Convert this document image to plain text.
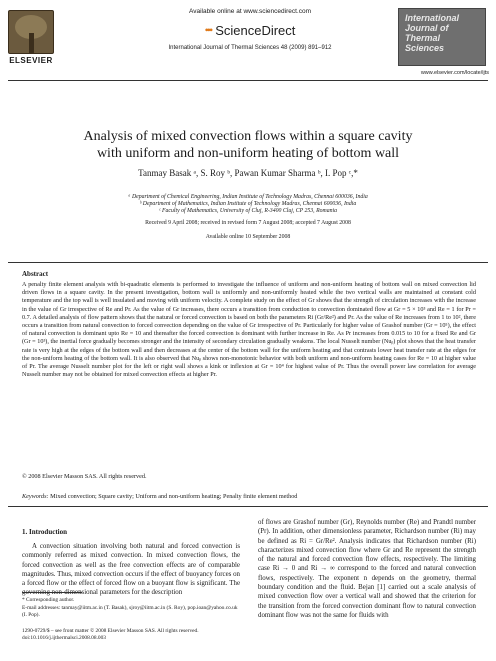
ELSEVIER
Available online at www.sciencedirect.com
••• ScienceDirect
International Journal of Thermal Sciences 48 (2009) 891–912
International
Journal of
Thermal
Sciences
www.elsevier.com/locate/ijts
Analysis of mixed convection flows within a square cavity
with uniform and non-uniform heating of bottom wall
Tanmay Basak ᵃ, S. Roy ᵇ, Pawan Kumar Sharma ᵇ, I. Pop ᶜ,*
ᵃ Department of Chemical Engineering, Indian Institute of Technology Madras, Chennai 600036, India
ᵇ Department of Mathematics, Indian Institute of Technology Madras, Chennai 600036, India
ᶜ Faculty of Mathematics, University of Cluj, R-3400 Cluj, CP 253, Romania
Received 9 April 2008; received in revised form 7 August 2008; accepted 7 August 2008
Available online 10 September 2008
Abstract
A penalty finite element analysis with bi-quadratic elements is performed to investigate the influence of uniform and non-uniform heating of bottom wall on mixed convection lid driven flows in a square cavity. In the present investigation, bottom wall is uniformly and non-uniformly heated while the two vertical walls are maintained at constant cold temperature and the top wall is well insulated and moving with uniform velocity. A complete study on the effect of Gr shows that the strength of circulation increases with the increase in the value of Gr irrespective of Re and Pr. As the value of Gr increases, there occurs a transition from conduction to convection dominated flow at Gr = 5 × 10³ and Re = 1 for Pr = 0.7. A detailed analysis of flow pattern shows that the natural or forced convection is based on both the parameters Ri (Gr/Re²) and Pr. As the value of Re increases from 1 to 10², there occurs a transition from natural convection to forced convection depending on the value of Gr irrespective of Pr. Particularly for higher value of Grashof number (Gr = 10⁵), the effect of natural convection is dominant upto Re = 10 and thereafter the forced convection is dominant with further increase in Re. As Pr increases from 0.015 to 10 for a fixed Re and Gr (Gr = 10³), the inertial force gradually becomes stronger and the intensity of secondary circulation gradually weakens. The local Nusselt number (Nuᵦ) plot shows that the heat transfer rate is very high at the edges of the bottom wall and then decreases at the center of the bottom wall for the uniform heating and that contrasts lower heat transfer rate at the edges for the non-uniform heating of the bottom wall. It is also observed that Nuᵦ shows non-monotonic behavior with both uniform and non-uniform heating cases for Re = 10 at higher value of Pr. The average Nusselt number plot for the left or right wall shows a kink or inflexion at Gr = 10⁴ for highest value of Pr. Thus the overall power law correlation for average Nusselt number may not be obtained for mixed convection effects at higher Pr.
© 2008 Elsevier Masson SAS. All rights reserved.
Keywords: Mixed convection; Square cavity; Uniform and non-uniform heating; Penalty finite element method
1. Introduction
A convection situation involving both natural and forced convection is commonly referred as mixed convection. In mixed convection flows, the forced convection as well as the free convection effects are of comparable magnitudes. Thus, mixed convection occurs if the effect of buoyancy forces on a forced flow or the effect of forced flow on a buoyant flow is significant. The governing non-dimensional parameters for the description
of flows are Grashof number (Gr), Reynolds number (Re) and Prandtl number (Pr). In addition, other dimensionless parameter, Richardson number (Ri) may be defined as Ri = Gr/Re². Analysis indicates that Richardson number (Ri) characterizes mixed convection flow where Gr and Re represent the strength of the natural and forced convection flow effects, respectively. The limiting case Ri → 0 and Ri → ∞ correspond to the forced and natural convection flows, respectively. The exponent n depends on the geometry, thermal boundary condition and the fluid. Bejan [1] carried out a scale analysis of mixed convection flow over a vertical wall and showed that the criterion for the transition from the forced convection dominant flow to natural convection dominant flow was not the same for fluids with
* Corresponding author.
E-mail addresses: tanmay@iitm.ac.in (T. Basak), sjroy@iitm.ac.in (S. Roy), pop.ioan@yahoo.co.uk (I. Pop).
1290-0729/$ – see front matter © 2008 Elsevier Masson SAS. All rights reserved.
doi:10.1016/j.ijthermalsci.2008.08.003
